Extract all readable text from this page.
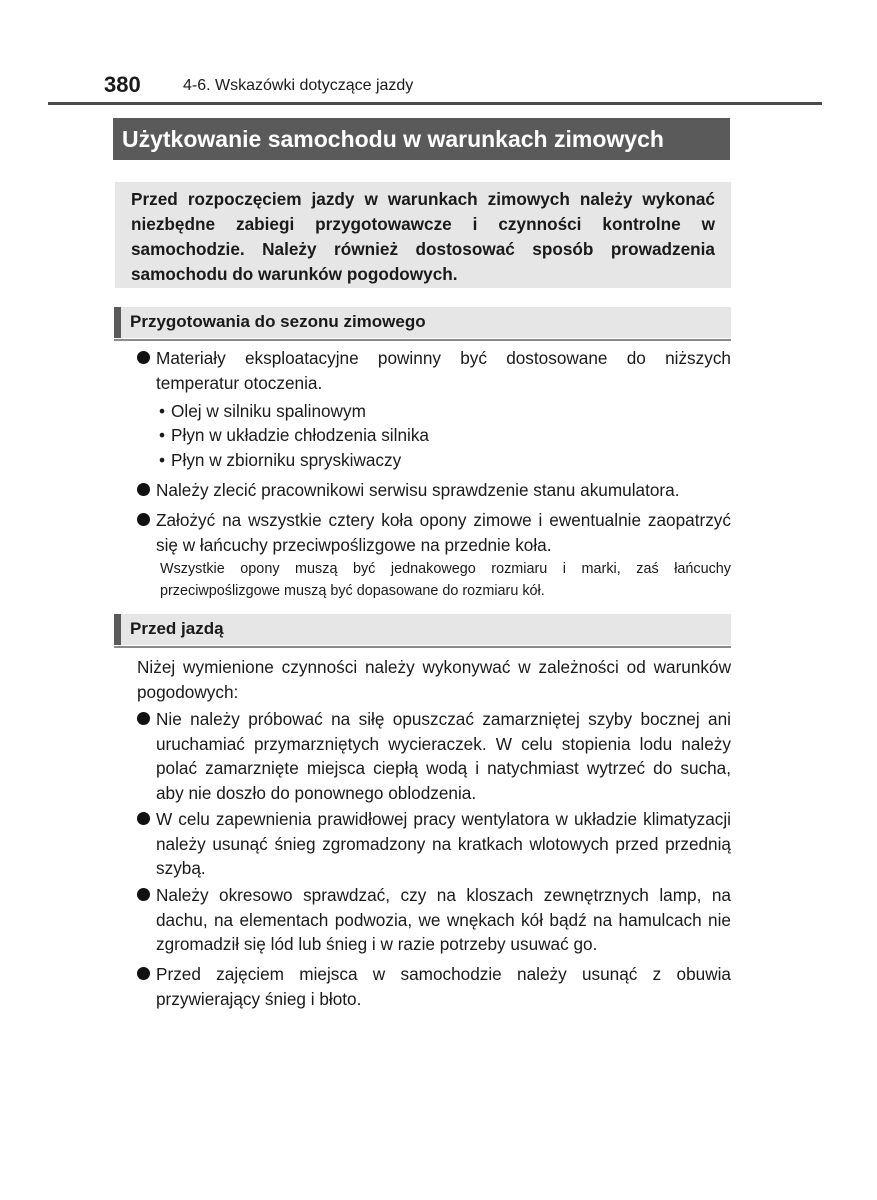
380	4-6. Wskazówki dotyczące jazdy
Użytkowanie samochodu w warunkach zimowych
Przed rozpoczęciem jazdy w warunkach zimowych należy wykonać niezbędne zabiegi przygotowawcze i czynności kontrolne w samochodzie. Należy również dostosować sposób prowadzenia samochodu do warunków pogodowych.
Przygotowania do sezonu zimowego
Materiały eksploatacyjne powinny być dostosowane do niższych temperatur otoczenia.
• Olej w silniku spalinowym
• Płyn w układzie chłodzenia silnika
• Płyn w zbiorniku spryskiwaczy
Należy zlecić pracownikowi serwisu sprawdzenie stanu akumulatora.
Założyć na wszystkie cztery koła opony zimowe i ewentualnie zaopatrzyć się w łańcuchy przeciwpoślizgowe na przednie koła.
Wszystkie opony muszą być jednakowego rozmiaru i marki, zaś łańcuchy przeciwpoślizgowe muszą być dopasowane do rozmiaru kół.
Przed jazdą
Niżej wymienione czynności należy wykonywać w zależności od warunków pogodowych:
Nie należy próbować na siłę opuszczać zamarzniętej szyby bocznej ani uruchamiać przymarzniętych wycieraczek. W celu stopienia lodu należy polać zamarznięte miejsca ciepłą wodą i natychmiast wytrzeć do sucha, aby nie doszło do ponownego oblodzenia.
W celu zapewnienia prawidłowej pracy wentylatora w układzie klimatyzacji należy usunąć śnieg zgromadzony na kratkach wlotowych przed przednią szybą.
Należy okresowo sprawdzać, czy na kloszach zewnętrznych lamp, na dachu, na elementach podwozia, we wnękach kół bądź na hamulcach nie zgromadził się lód lub śnieg i w razie potrzeby usuwać go.
Przed zajęciem miejsca w samochodzie należy usunąć z obuwia przywierający śnieg i błoto.
